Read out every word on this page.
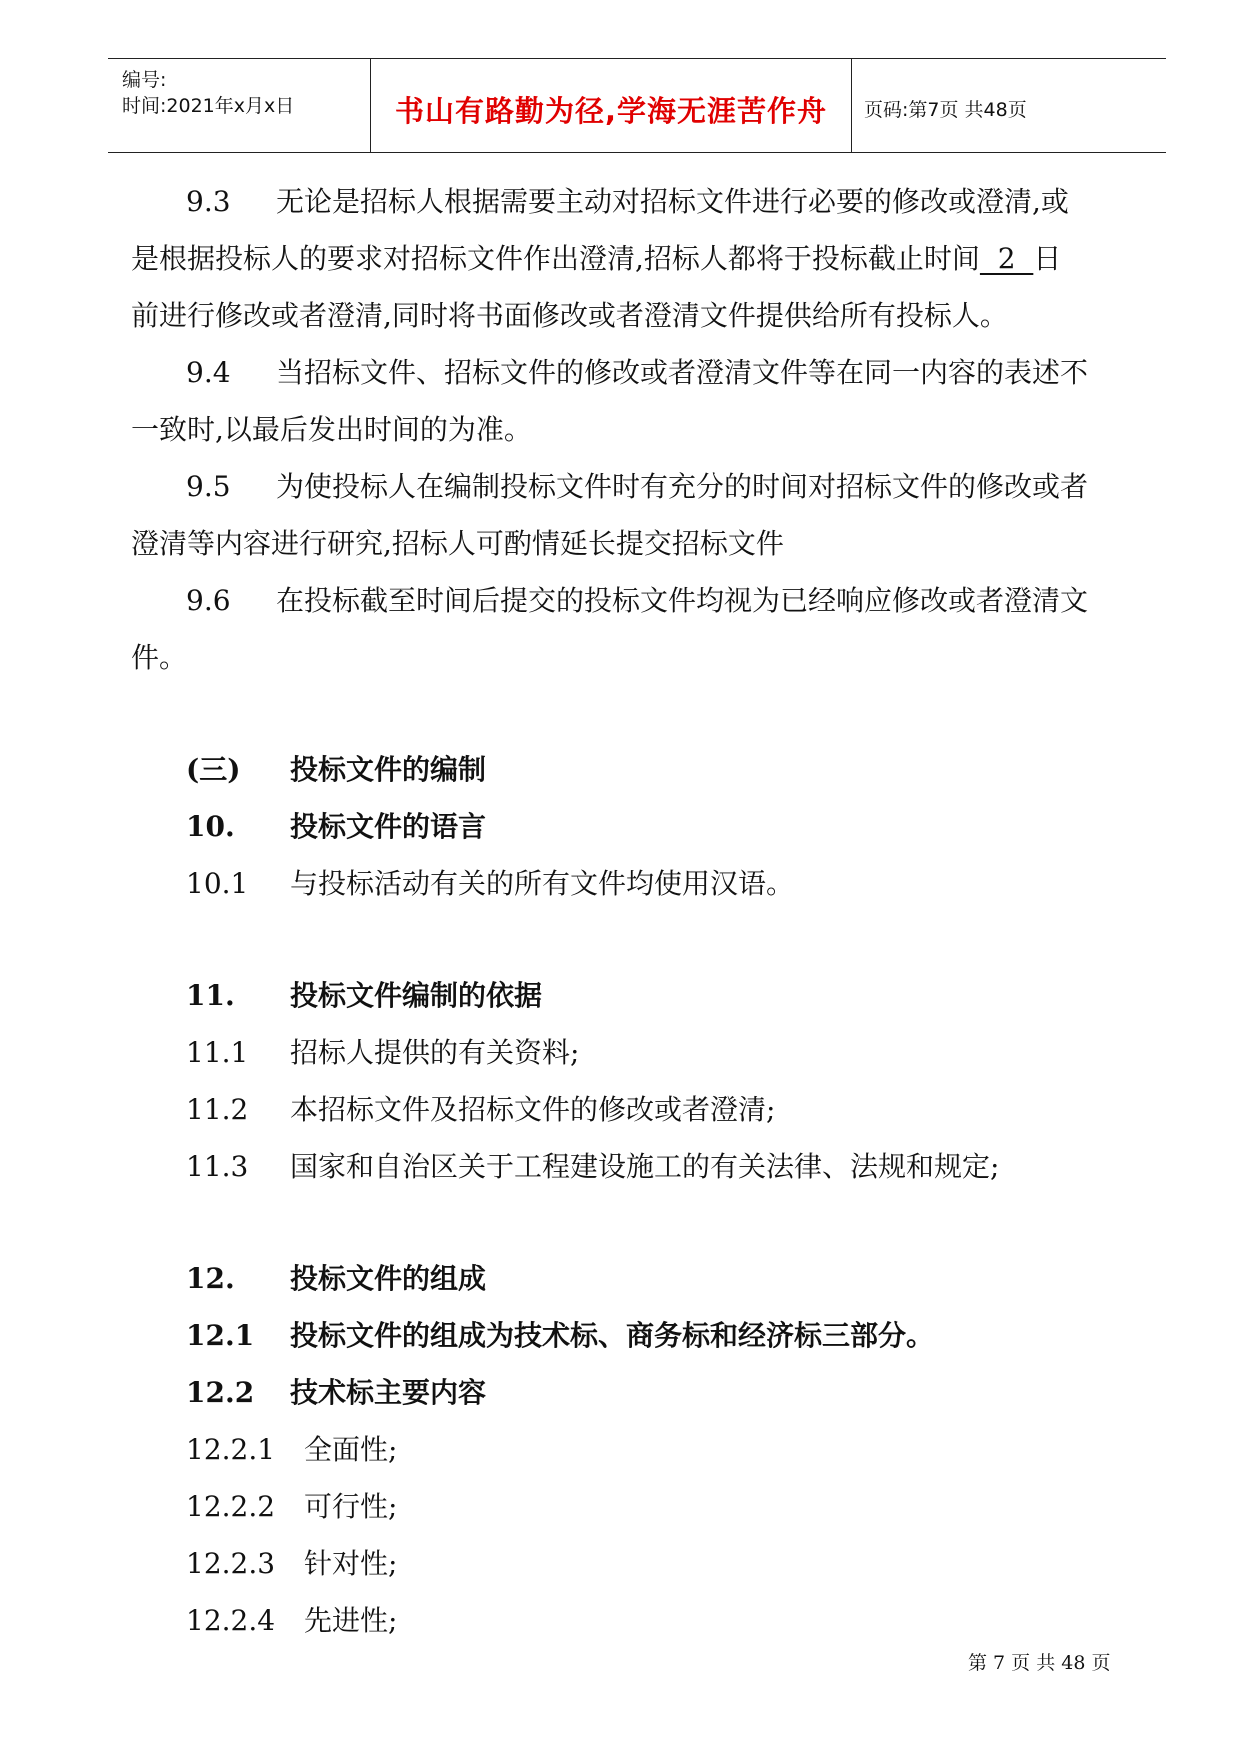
编号:
时间:2021年x月x日	书山有路勤为径,学海无涯苦作舟	页码:第7页 共48页
9.3 无论是招标人根据需要主动对招标文件进行必要的修改或澄清,或
是根据投标人的要求对招标文件作出澄清,招标人都将于投标截止时间  2  日
前进行修改或者澄清,同时将书面修改或者澄清文件提供给所有投标人。
9.4 当招标文件、招标文件的修改或者澄清文件等在同一内容的表述不
一致时,以最后发出时间的为准。
9.5 为使投标人在编制投标文件时有充分的时间对招标文件的修改或者
澄清等内容进行研究,招标人可酌情延长提交招标文件
9.6 在投标截至时间后提交的投标文件均视为已经响应修改或者澄清文
件。
(三) 投标文件的编制
10. 投标文件的语言
10.1 与投标活动有关的所有文件均使用汉语。
11. 投标文件编制的依据
11.1 招标人提供的有关资料;
11.2 本招标文件及招标文件的修改或者澄清;
11.3 国家和自治区关于工程建设施工的有关法律、法规和规定;
12. 投标文件的组成
12.1 投标文件的组成为技术标、商务标和经济标三部分。
12.2 技术标主要内容
12.2.1 全面性;
12.2.2 可行性;
12.2.3 针对性;
12.2.4 先进性;
第 7 页 共 48 页
